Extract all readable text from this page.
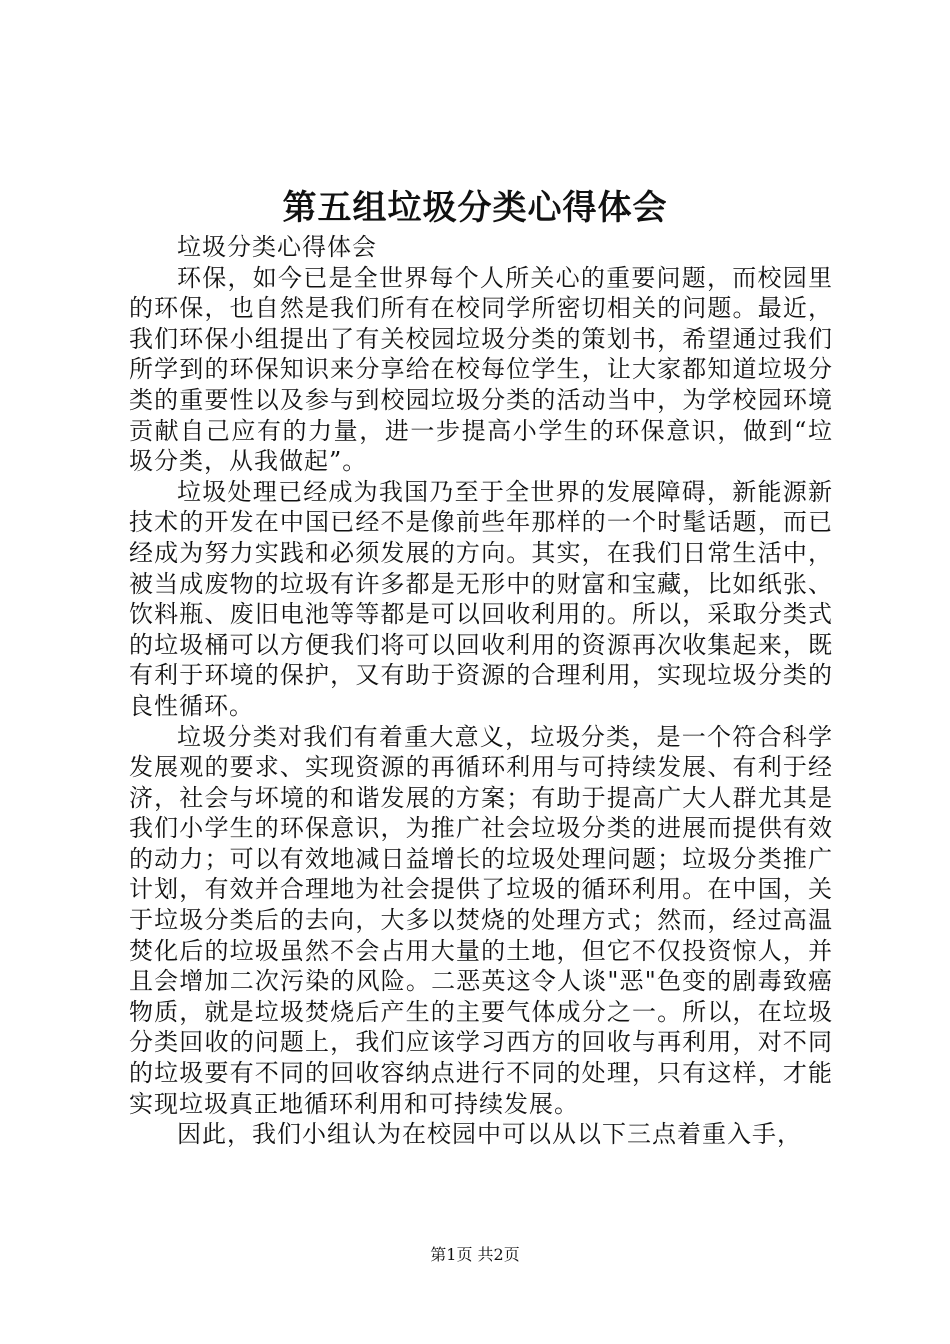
第五组垃圾分类心得体会

垃圾分类心得体会

环保，如今已是全世界每个人所关心的重要问题，而校园里的环保，也自然是我们所有在校同学所密切相关的问题。最近，我们环保小组提出了有关校园垃圾分类的策划书，希望通过我们所学到的环保知识来分享给在校每位学生，让大家都知道垃圾分类的重要性以及参与到校园垃圾分类的活动当中，为学校园环境贡献自己应有的力量，进一步提高小学生的环保意识，做到“垃圾分类，从我做起”。

垃圾处理已经成为我国乃至于全世界的发展障碍，新能源新技术的开发在中国已经不是像前些年那样的一个时髦话题，而已经成为努力实践和必须发展的方向。其实，在我们日常生活中，被当成废物的垃圾有许多都是无形中的财富和宝藏，比如纸张、饮料瓶、废旧电池等等都是可以回收利用的。所以，采取分类式的垃圾桶可以方便我们将可以回收利用的资源再次收集起来，既有利于环境的保护，又有助于资源的合理利用，实现垃圾分类的良性循环。

垃圾分类对我们有着重大意义，垃圾分类，是一个符合科学发展观的要求、实现资源的再循环利用与可持续发展、有利于经济，社会与坏境的和谐发展的方案；有助于提高广大人群尤其是我们小学生的环保意识，为推广社会垃圾分类的进展而提供有效的动力；可以有效地减日益增长的垃圾处理问题；垃圾分类推广计划，有效并合理地为社会提供了垃圾的循环利用。在中国，关于垃圾分类后的去向，大多以焚烧的处理方式；然而，经过高温焚化后的垃圾虽然不会占用大量的土地，但它不仅投资惊人，并且会增加二次污染的风险。二恶英这令人谈"恶"色变的剧毒致癌物质，就是垃圾焚烧后产生的主要气体成分之一。所以，在垃圾分类回收的问题上，我们应该学习西方的回收与再利用，对不同的垃圾要有不同的回收容纳点进行不同的处理，只有这样，才能实现垃圾真正地循环利用和可持续发展。

因此，我们小组认为在校园中可以从以下三点着重入手，

第1页 共2页
